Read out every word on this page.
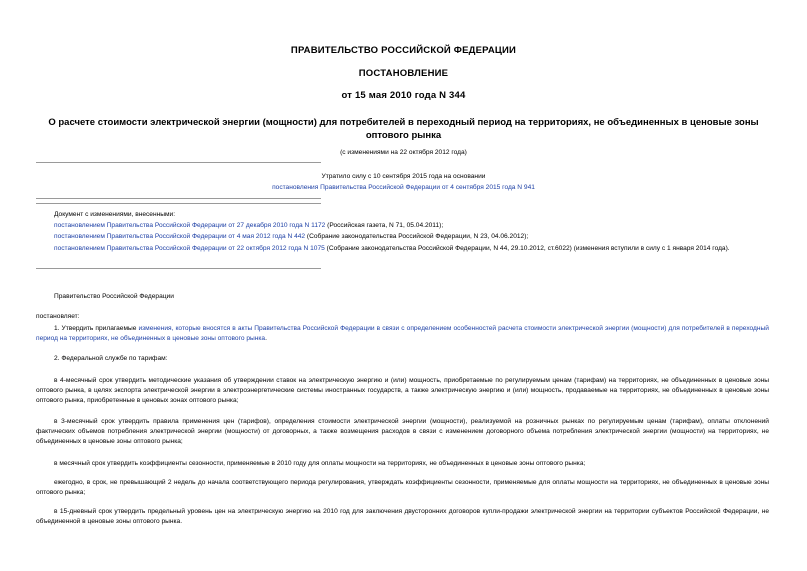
ПРАВИТЕЛЬСТВО РОССИЙСКОЙ ФЕДЕРАЦИИ
ПОСТАНОВЛЕНИЕ
от 15 мая 2010 года N 344
О расчете стоимости электрической энергии (мощности) для потребителей в переходный период на территориях, не объединенных в ценовые зоны оптового рынка
(с изменениями на 22 октября 2012 года)
Утратило силу с 10 сентября 2015 года на основании
постановления Правительства Российской Федерации от 4 сентября 2015 года N 941
Документ с изменениями, внесенными:
постановлением Правительства Российской Федерации от 27 декабря 2010 года N 1172 (Российская газета, N 71, 05.04.2011);
постановлением Правительства Российской Федерации от 4 мая 2012 года N 442 (Собрание законодательства Российской Федерации, N 23, 04.06.2012);
постановлением Правительства Российской Федерации от 22 октября 2012 года N 1075 (Собрание законодательства Российской Федерации, N 44, 29.10.2012, ст.6022) (изменения вступили в силу с 1 января 2014 года).
Правительство Российской Федерации
постановляет:
1. Утвердить прилагаемые изменения, которые вносятся в акты Правительства Российской Федерации в связи с определением особенностей расчета стоимости электрической энергии (мощности) для потребителей в переходный период на территориях, не объединенных в ценовые зоны оптового рынка.
2. Федеральной службе по тарифам:
в 4-месячный срок утвердить методические указания об утверждении ставок на электрическую энергию и (или) мощность, приобретаемые по регулируемым ценам (тарифам) на территориях, не объединенных в ценовые зоны оптового рынка, в целях экспорта электрической энергии в электроэнергетические системы иностранных государств, а также электрическую энергию и (или) мощность, продаваемые на территориях, не объединенных в ценовые зоны оптового рынка, приобретенные в ценовых зонах оптового рынка;
в 3-месячный срок утвердить правила применения цен (тарифов), определения стоимости электрической энергии (мощности), реализуемой на розничных рынках по регулируемым ценам (тарифам), оплаты отклонений фактических объемов потребления электрической энергии (мощности) от договорных, а также возмещения расходов в связи с изменением договорного объема потребления электрической энергии (мощности) на территориях, не объединенных в ценовые зоны оптового рынка;
в месячный срок утвердить коэффициенты сезонности, применяемые в 2010 году для оплаты мощности на территориях, не объединенных в ценовые зоны оптового рынка;
ежегодно, в срок, не превышающий 2 недель до начала соответствующего периода регулирования, утверждать коэффициенты сезонности, применяемые для оплаты мощности на территориях, не объединенных в ценовые зоны оптового рынка;
в 15-дневный срок утвердить предельный уровень цен на электрическую энергию на 2010 год для заключения двусторонних договоров купли-продажи электрической энергии на территории субъектов Российской Федерации, не объединенной в ценовые зоны оптового рынка.
